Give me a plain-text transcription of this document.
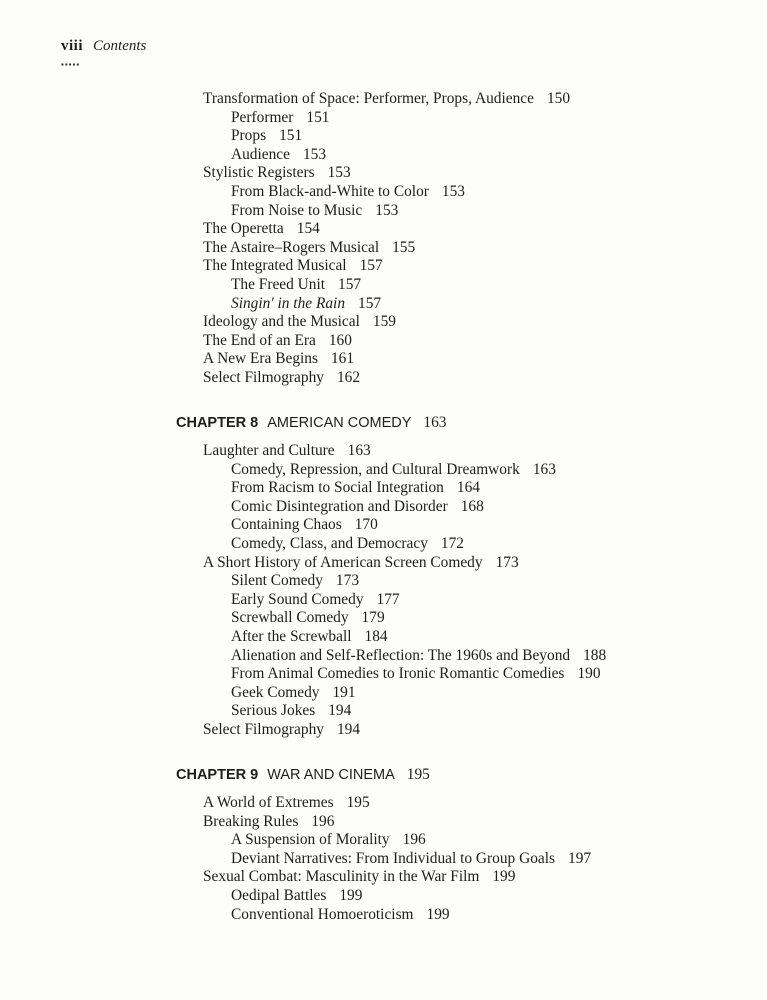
viii Contents
▪▪▪▪▪
Transformation of Space: Performer, Props, Audience 150
Performer 151
Props 151
Audience 153
Stylistic Registers 153
From Black-and-White to Color 153
From Noise to Music 153
The Operetta 154
The Astaire–Rogers Musical 155
The Integrated Musical 157
The Freed Unit 157
Singin' in the Rain 157
Ideology and the Musical 159
The End of an Era 160
A New Era Begins 161
Select Filmography 162
CHAPTER 8 AMERICAN COMEDY 163
Laughter and Culture 163
Comedy, Repression, and Cultural Dreamwork 163
From Racism to Social Integration 164
Comic Disintegration and Disorder 168
Containing Chaos 170
Comedy, Class, and Democracy 172
A Short History of American Screen Comedy 173
Silent Comedy 173
Early Sound Comedy 177
Screwball Comedy 179
After the Screwball 184
Alienation and Self-Reflection: The 1960s and Beyond 188
From Animal Comedies to Ironic Romantic Comedies 190
Geek Comedy 191
Serious Jokes 194
Select Filmography 194
CHAPTER 9 WAR AND CINEMA 195
A World of Extremes 195
Breaking Rules 196
A Suspension of Morality 196
Deviant Narratives: From Individual to Group Goals 197
Sexual Combat: Masculinity in the War Film 199
Oedipal Battles 199
Conventional Homoeroticism 199
